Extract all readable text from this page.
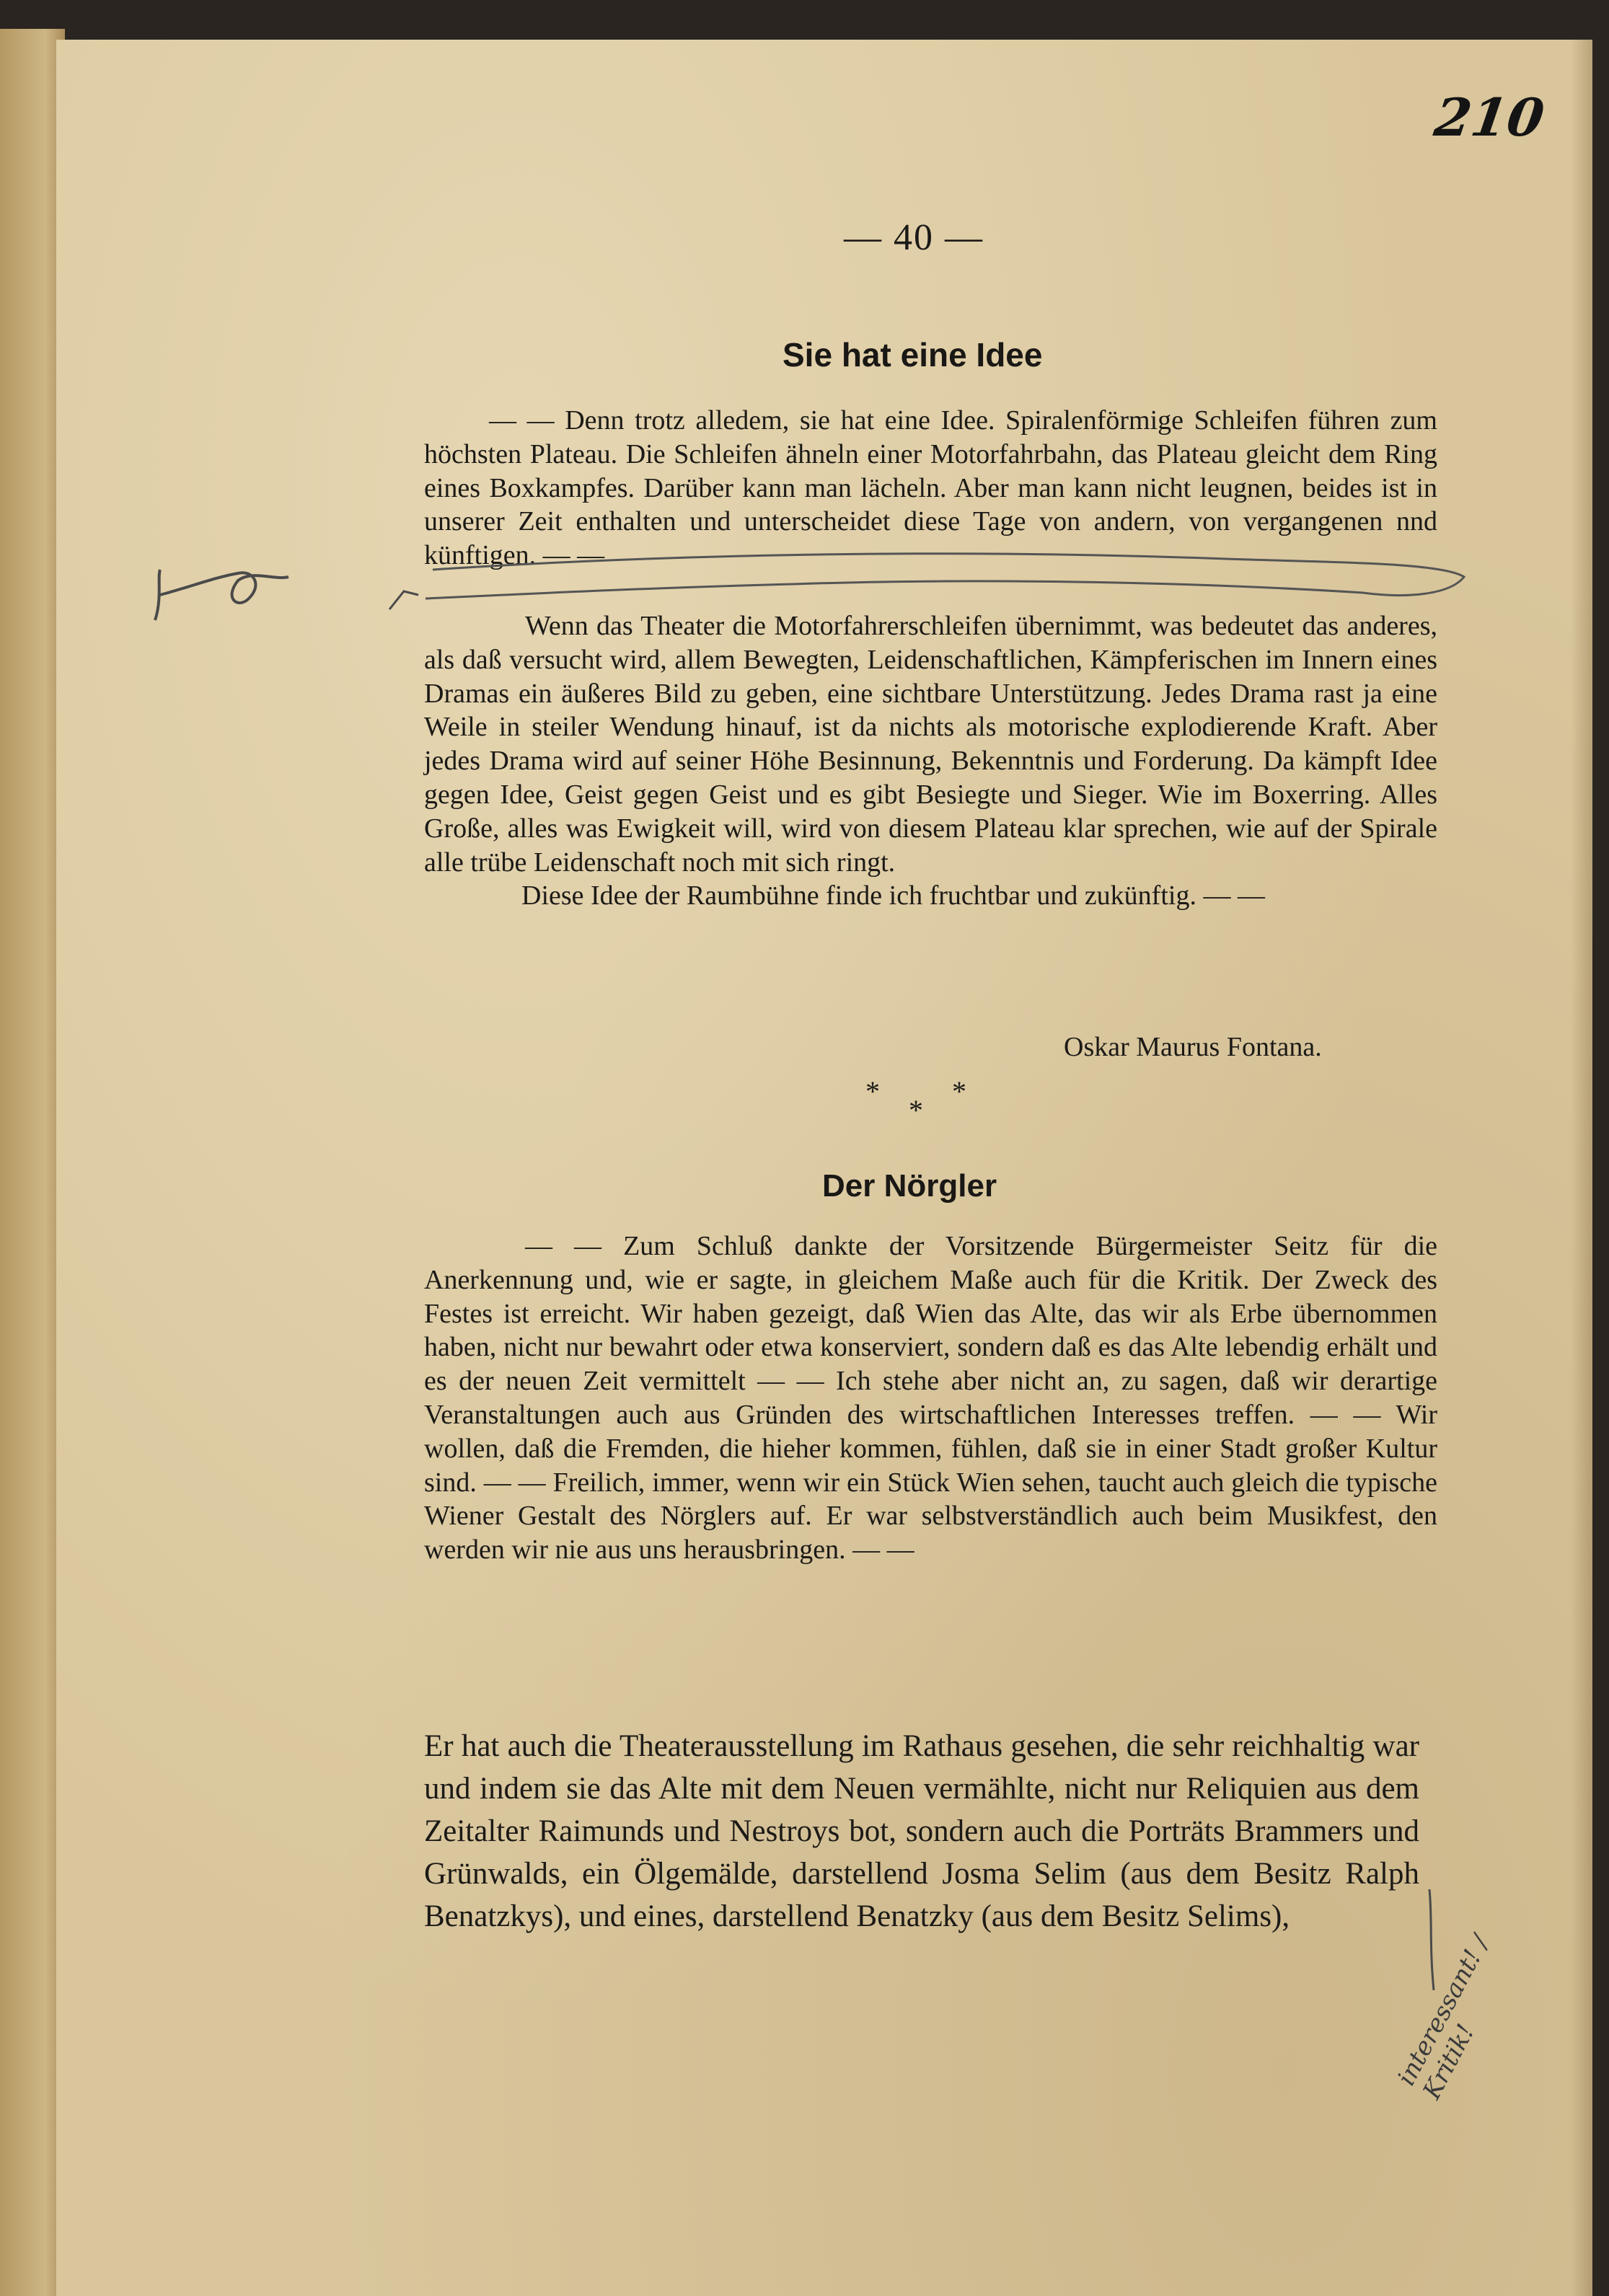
210
— 40 —
Sie hat eine Idee

— — Denn trotz alledem, sie hat eine Idee. Spiralenförmige Schleifen führen zum höchsten Plateau. Die Schleifen ähneln einer Motorfahrbahn, das Plateau gleicht dem Ring eines Boxkampfes. Darüber kann man lächeln. Aber man kann nicht leugnen, beides ist in unserer Zeit enthalten und unterscheidet diese Tage von andern, von vergangenen nnd künftigen. — —

Wenn das Theater die Motorfahrerschleifen übernimmt, was bedeutet das anderes, als daß versucht wird, allem Bewegten, Leidenschaftlichen, Kämpferischen im Innern eines Dramas ein äußeres Bild zu geben, eine sichtbare Unterstützung. Jedes Drama rast ja eine Weile in steiler Wendung hinauf, ist da nichts als motorische explodierende Kraft. Aber jedes Drama wird auf seiner Höhe Besinnung, Bekenntnis und Forderung. Da kämpft Idee gegen Idee, Geist gegen Geist und es gibt Besiegte und Sieger. Wie im Boxerring. Alles Große, alles was Ewigkeit will, wird von diesem Plateau klar sprechen, wie auf der Spirale alle trübe Leidenschaft noch mit sich ringt.

Diese Idee der Raumbühne finde ich fruchtbar und zukünftig. — —

Oskar Maurus Fontana.
***
Der Nörgler

— — Zum Schluß dankte der Vorsitzende Bürgermeister Seitz für die Anerkennung und, wie er sagte, in gleichem Maße auch für die Kritik. Der Zweck des Festes ist erreicht. Wir haben gezeigt, daß Wien das Alte, das wir als Erbe übernommen haben, nicht nur bewahrt oder etwa konserviert, sondern daß es das Alte lebendig erhält und es der neuen Zeit vermittelt — — Ich stehe aber nicht an, zu sagen, daß wir derartige Veranstaltungen auch aus Gründen des wirtschaftlichen Interesses treffen. — — Wir wollen, daß die Fremden, die hieher kommen, fühlen, daß sie in einer Stadt großer Kultur sind. — — Freilich, immer, wenn wir ein Stück Wien sehen, taucht auch gleich die typische Wiener Gestalt des Nörglers auf. Er war selbstverständlich auch beim Musikfest, den werden wir nie aus uns herausbringen. — —

Er hat auch die Theaterausstellung im Rathaus gesehen, die sehr reichhaltig war und indem sie das Alte mit dem Neuen vermählte, nicht nur Reliquien aus dem Zeitalter Raimunds und Nestroys bot, sondern auch die Porträts Brammers und Grünwalds, ein Ölgemälde, darstellend Josma Selim (aus dem Besitz Ralph Benatzkys), und eines, darstellend Benatzky (aus dem Besitz Selims),

interessant! / Kritik!
